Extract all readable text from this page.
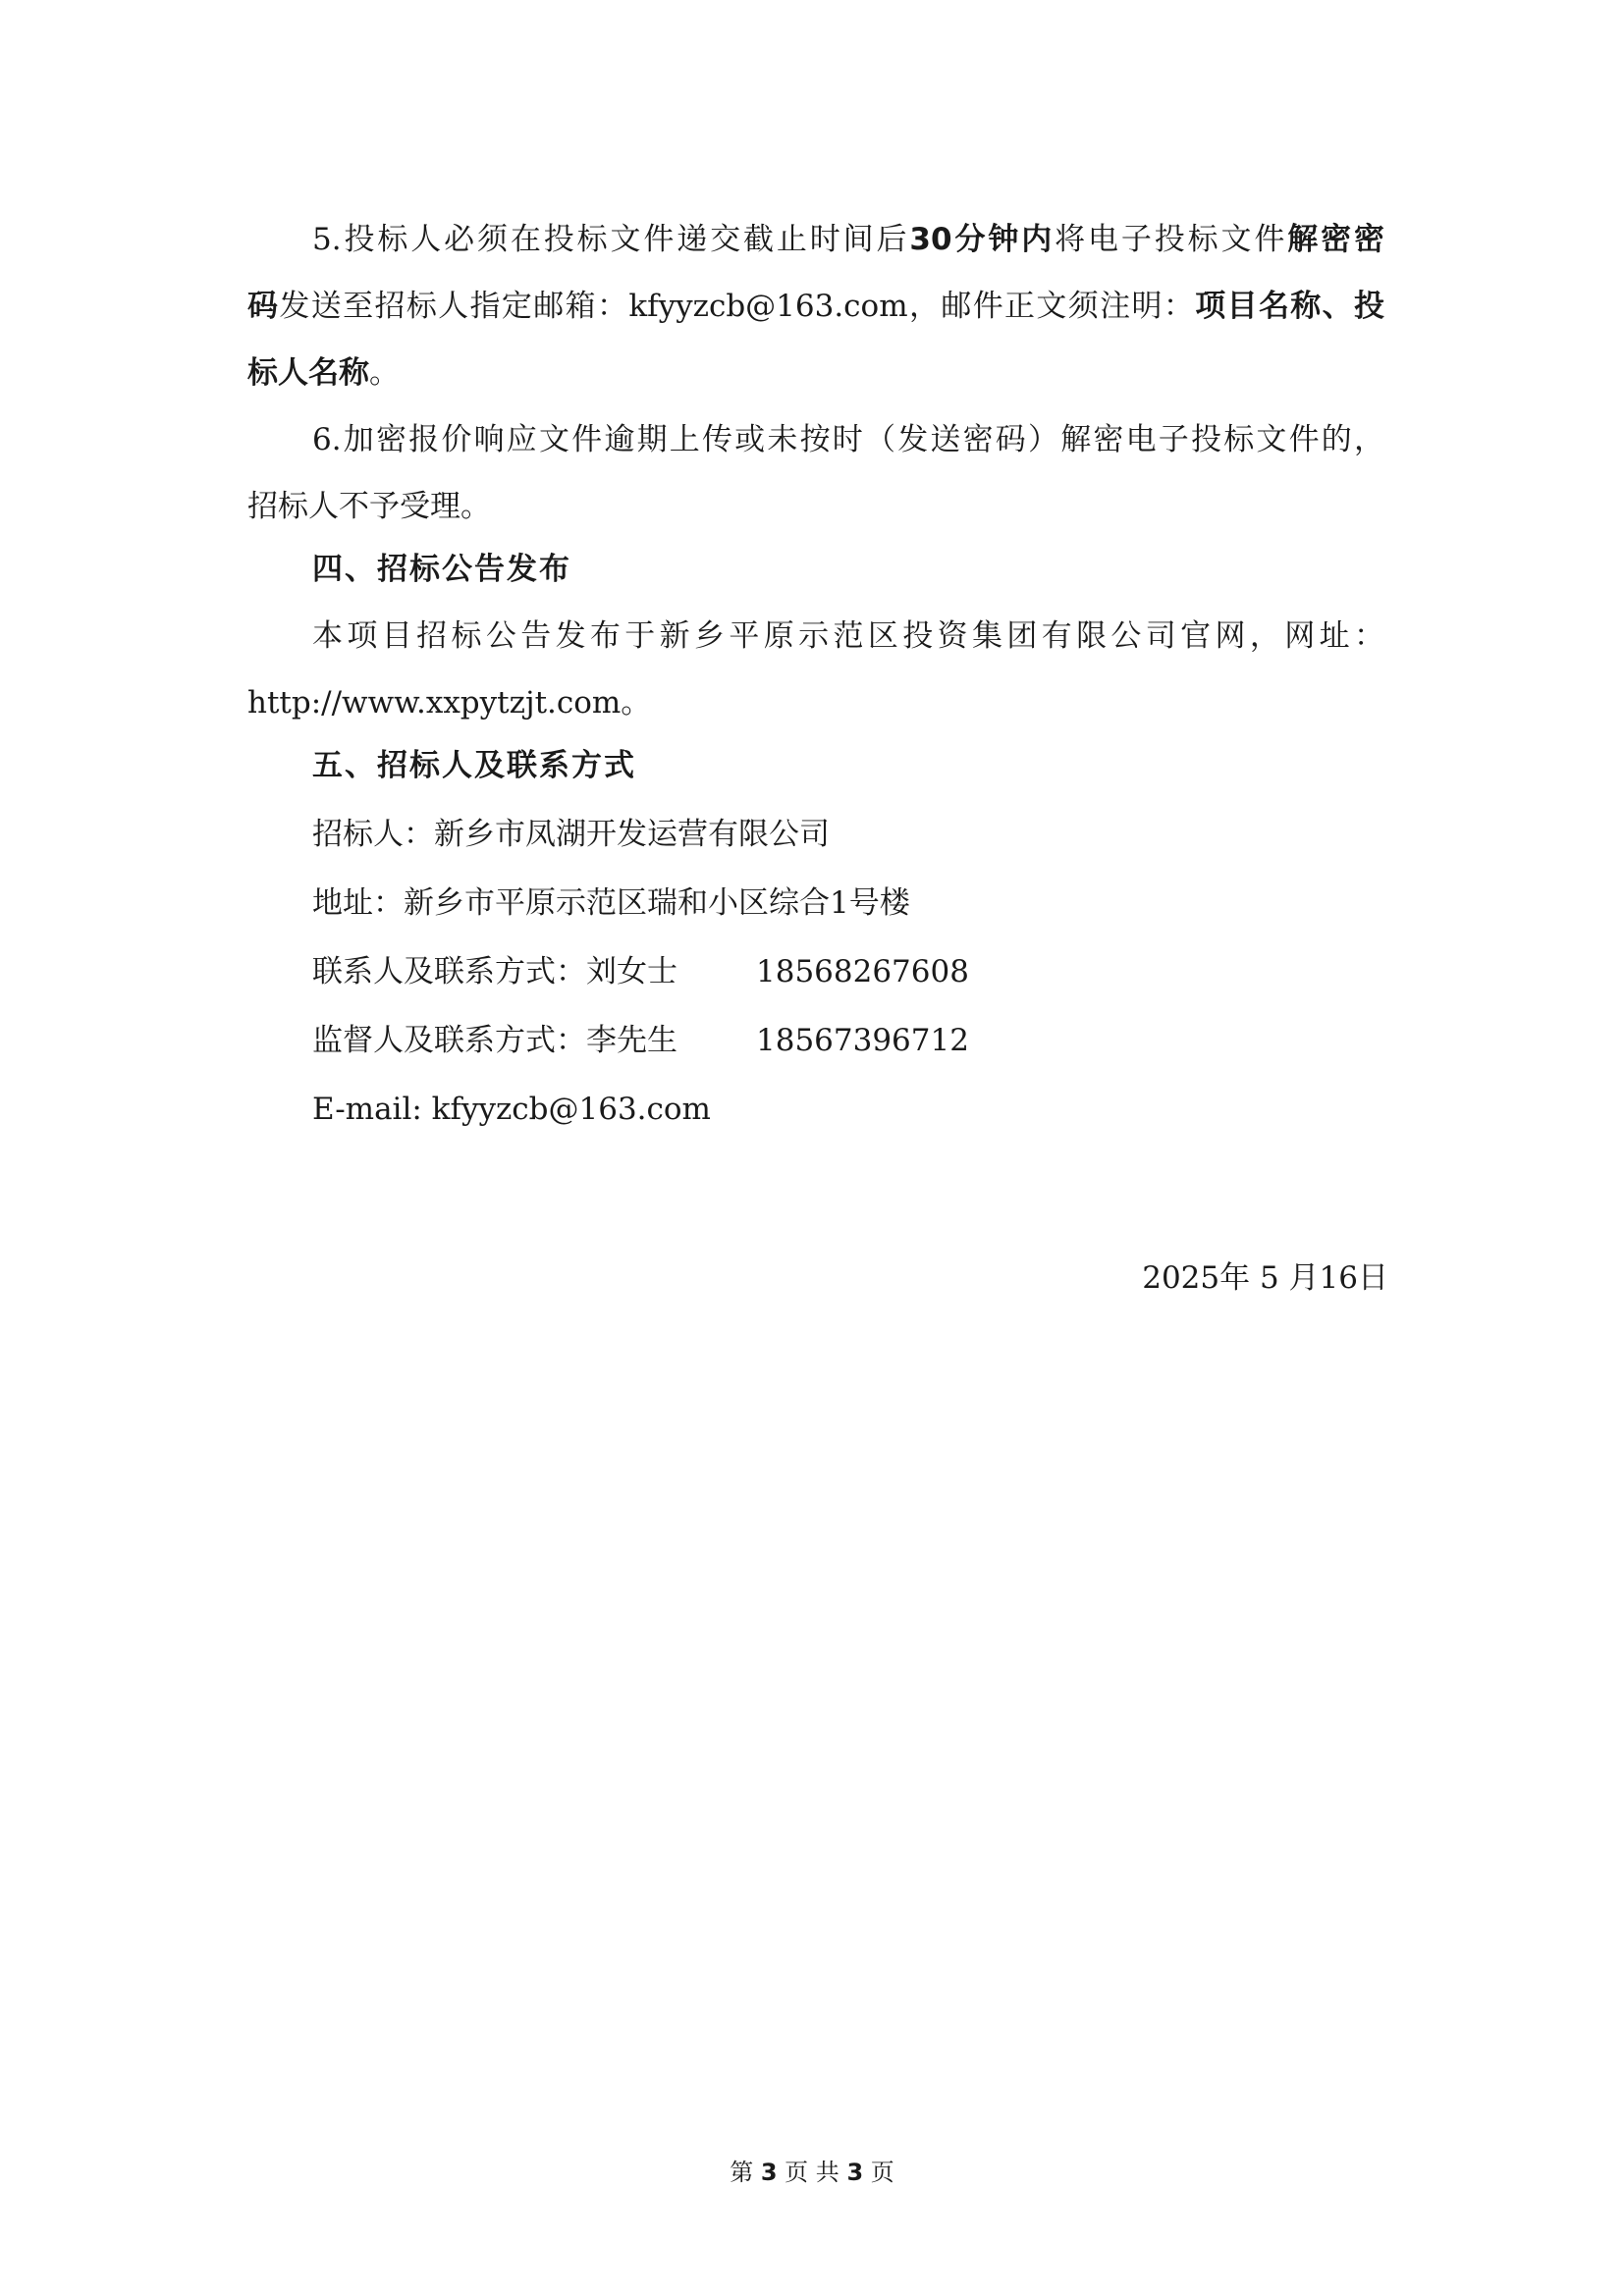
5.投标人必须在投标文件递交截止时间后30分钟内将电子投标文件解密密
码发送至招标人指定邮箱：kfyyzcb@163.com，邮件正文须注明：项目名称、投
标人名称。
6.加密报价响应文件逾期上传或未按时（发送密码）解密电子投标文件的，
招标人不予受理。
四、招标公告发布
本项目招标公告发布于新乡平原示范区投资集团有限公司官网，网址：
http://www.xxpytzjt.com。
五、招标人及联系方式
招标人：新乡市凤湖开发运营有限公司
地址：新乡市平原示范区瑞和小区综合1号楼
联系人及联系方式：刘女士	18568267608
监督人及联系方式：李先生	18567396712
E-mail: kfyyzcb@163.com
2025年 5 月16日
第 3 页 共 3 页
